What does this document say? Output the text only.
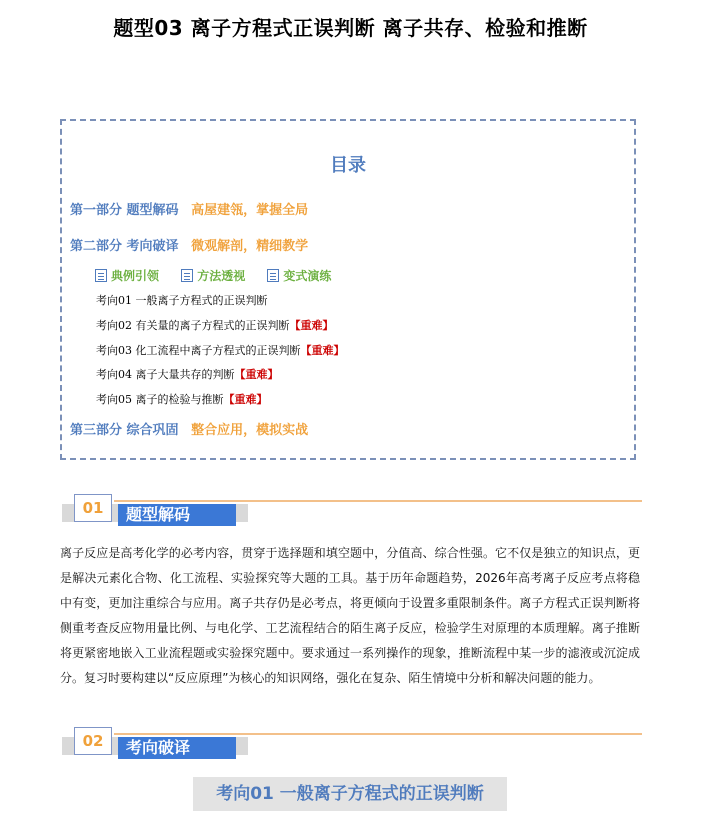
题型03 离子方程式正误判断 离子共存、检验和推断
目录
第一部分 题型解码 高屋建瓴，掌握全局
第二部分 考向破译 微观解剖，精细教学
典例引领
	方法透视
	变式演练
考向01 一般离子方程式的正误判断
考向02 有关量的离子方程式的正误判断【重难】
考向03 化工流程中离子方程式的正误判断【重难】
考向04 离子大量共存的判断【重难】
考向05 离子的检验与推断【重难】
第三部分 综合巩固 整合应用，模拟实战
01	题型解码

离子反应是高考化学的必考内容，贯穿于选择题和填空题中，分值高、综合性强。它不仅是独立的知识点，更是解决元素化合物、化工流程、实验探究等大题的工具。基于历年命题趋势，2026年高考离子反应考点将稳中有变，更加注重综合与应用。离子共存仍是必考点，将更倾向于设置多重限制条件。离子方程式正误判断将侧重考查反应物用量比例、与电化学、工艺流程结合的陌生离子反应，检验学生对原理的本质理解。离子推断将更紧密地嵌入工业流程题或实验探究题中。要求通过一系列操作的现象，推断流程中某一步的滤液或沉淀成分。复习时要构建以“反应原理”为核心的知识网络，强化在复杂、陌生情境中分析和解决问题的能力。

02	考向破译
考向01 一般离子方程式的正误判断
